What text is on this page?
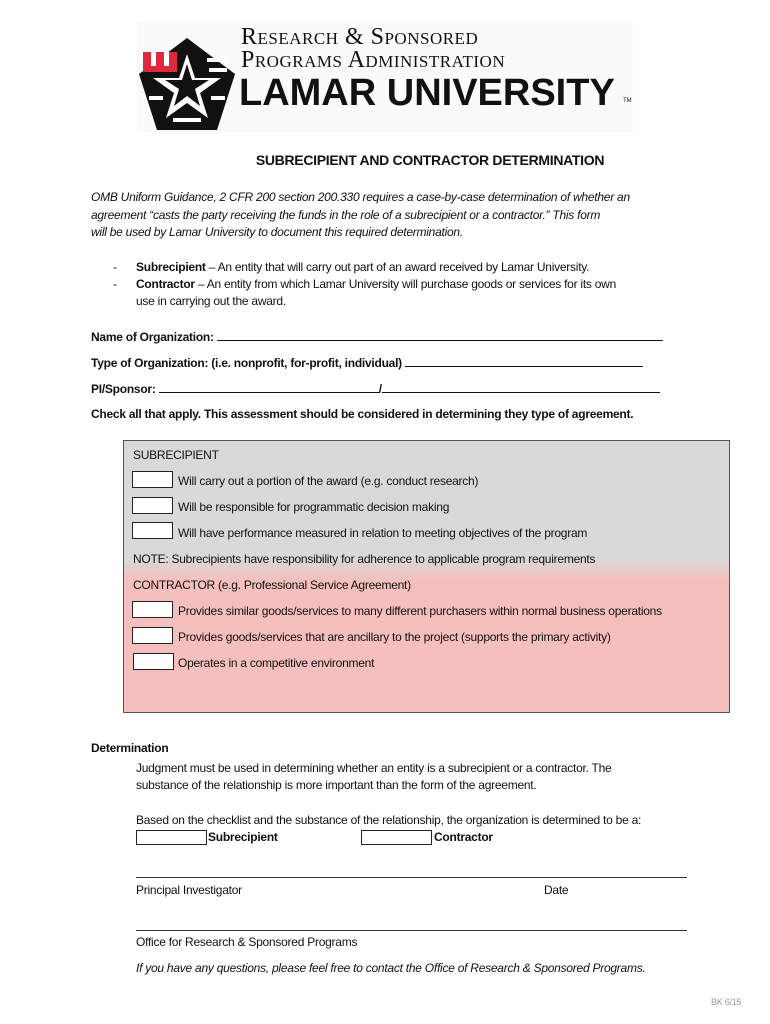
Research & Sponsored
Programs Administration
LAMAR UNIVERSITY TM
SUBRECIPIENT AND CONTRACTOR DETERMINATION
OMB Uniform Guidance, 2 CFR 200 section 200.330 requires a case-by-case determination of whether an
agreement “casts the party receiving the funds in the role of a subrecipient or a contractor.” This form
will be used by Lamar University to document this required determination.
- Subrecipient – An entity that will carry out part of an award received by Lamar University.
- Contractor – An entity from which Lamar University will purchase goods or services for its own
use in carrying out the award.
Name of Organization:
Type of Organization: (i.e. nonprofit, for-profit, individual)
PI/Sponsor:	/
Check all that apply. This assessment should be considered in determining they type of agreement.
SUBRECIPIENT
Will carry out a portion of the award (e.g. conduct research)
Will be responsible for programmatic decision making
Will have performance measured in relation to meeting objectives of the program
NOTE: Subrecipients have responsibility for adherence to applicable program requirements
CONTRACTOR (e.g. Professional Service Agreement)
Provides similar goods/services to many different purchasers within normal business operations
Provides goods/services that are ancillary to the project (supports the primary activity)
Operates in a competitive environment
Determination
Judgment must be used in determining whether an entity is a subrecipient or a contractor. The
substance of the relationship is more important than the form of the agreement.
Based on the checklist and the substance of the relationship, the organization is determined to be a:
Subrecipient	Contractor
Principal Investigator	Date
Office for Research & Sponsored Programs
If you have any questions, please feel free to contact the Office of Research & Sponsored Programs.
BK 6/15
